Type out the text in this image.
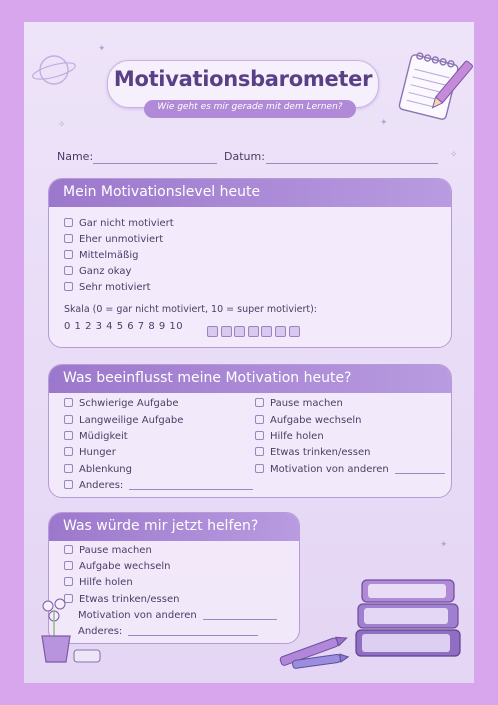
✦
✦
✧
✧
✦
Motivationsbarometer
Wie geht es mir gerade mit dem Lernen?
Name:	Datum:
Mein Motivationslevel heute
Gar nicht motiviert
Eher unmotiviert
Mittelmäßig
Ganz okay
Sehr motiviert
Skala (0 = gar nicht motiviert, 10 = super motiviert):
0 1 2 3 4 5 6 7 8 9 10
Was beeinflusst meine Motivation heute?
Schwierige Aufgabe
Langweilige Aufgabe
Müdigkeit
Hunger
Ablenkung
Anderes:
Pause machen
Aufgabe wechseln
Hilfe holen
Etwas trinken/essen
Motivation von anderen
Was würde mir jetzt helfen?
Pause machen
Aufgabe wechseln
Hilfe holen
Etwas trinken/essen
Motivation von anderen
Anderes:
